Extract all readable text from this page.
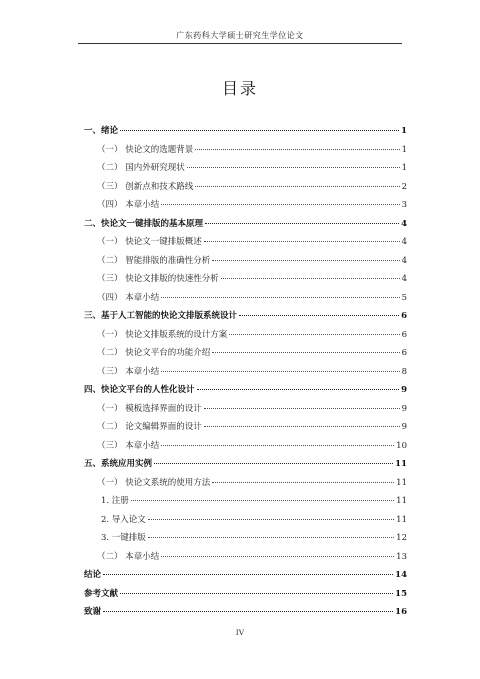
广东药科大学硕士研究生学位论文
目录
一、绪论	1
（一） 快论文的选题背景	1
（二） 国内外研究现状	1
（三） 创新点和技术路线	2
（四） 本章小结	3
二、快论文一键排版的基本原理	4
（一） 快论文一键排版概述	4
（二） 智能排版的准确性分析	4
（三） 快论文排版的快速性分析	4
（四） 本章小结	5
三、基于人工智能的快论文排版系统设计	6
（一） 快论文排版系统的设计方案	6
（二） 快论文平台的功能介绍	6
（三） 本章小结	8
四、快论文平台的人性化设计	9
（一） 模板选择界面的设计	9
（二） 论文编辑界面的设计	9
（三） 本章小结	10
五、系统应用实例	11
（一） 快论文系统的使用方法	11
1. 注册	11
2. 导入论文	11
3. 一键排版	12
（二） 本章小结	13
结论	14
参考文献	15
致谢	16
IV
